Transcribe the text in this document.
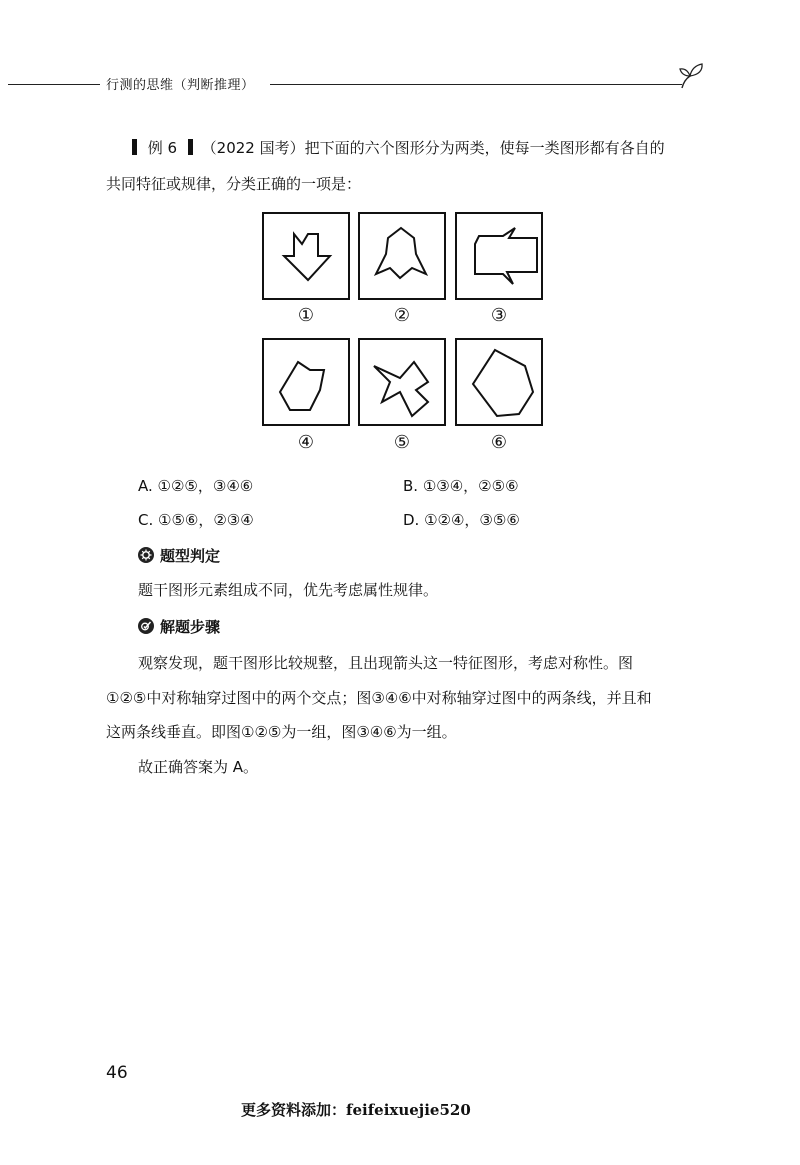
行测的思维（判断推理）
例 6 （2022 国考）把下面的六个图形分为两类，使每一类图形都有各自的
共同特征或规律，分类正确的一项是：
①	②	③
④	⑤	⑥
A. ①②⑤，③④⑥	B. ①③④，②⑤⑥
C. ①⑤⑥，②③④	D. ①②④，③⑤⑥
题型判定
题干图形元素组成不同，优先考虑属性规律。
解题步骤
观察发现，题干图形比较规整，且出现箭头这一特征图形，考虑对称性。图
①②⑤中对称轴穿过图中的两个交点；图③④⑥中对称轴穿过图中的两条线，并且和
这两条线垂直。即图①②⑤为一组，图③④⑥为一组。
故正确答案为 A。
46
更多资料添加：feifeixuejie520
